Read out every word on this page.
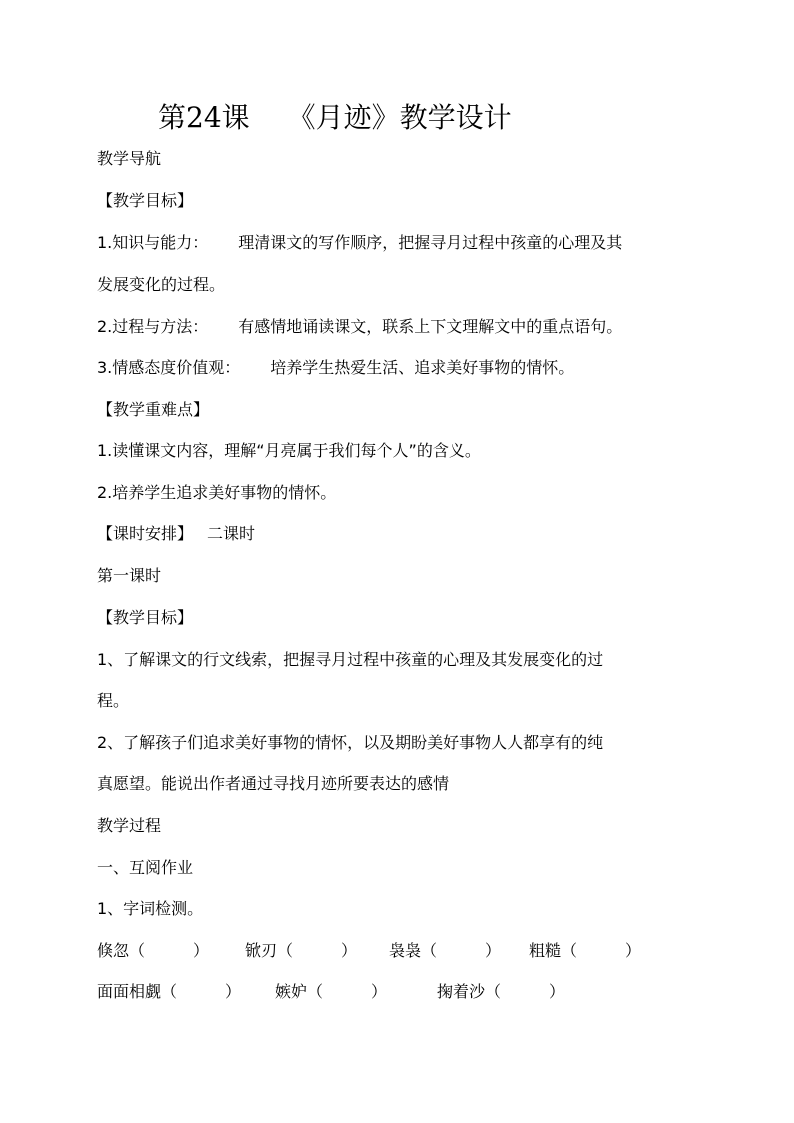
第24课 《月迹》教学设计
教学导航
【教学目标】
1.知识与能力： 理清课文的写作顺序，把握寻月过程中孩童的心理及其
发展变化的过程。
2.过程与方法： 有感情地诵读课文，联系上下文理解文中的重点语句。
3.情感态度价值观： 培养学生热爱生活、追求美好事物的情怀。
【教学重难点】
1.读懂课文内容，理解“月亮属于我们每个人”的含义。
2.培养学生追求美好事物的情怀。
【课时安排】 二课时
第一课时
【教学目标】
1、了解课文的行文线索，把握寻月过程中孩童的心理及其发展变化的过
程。
2、了解孩子们追求美好事物的情怀，以及期盼美好事物人人都享有的纯
真愿望。能说出作者通过寻找月迹所要表达的感情
教学过程
一、互阅作业
1、字词检测。
倏忽（　　　） 锨刃（　　　） 袅袅（　　　） 粗糙（　　　）
面面相觑（　　　） 嫉妒（　　　）	掬着沙（　　　）
